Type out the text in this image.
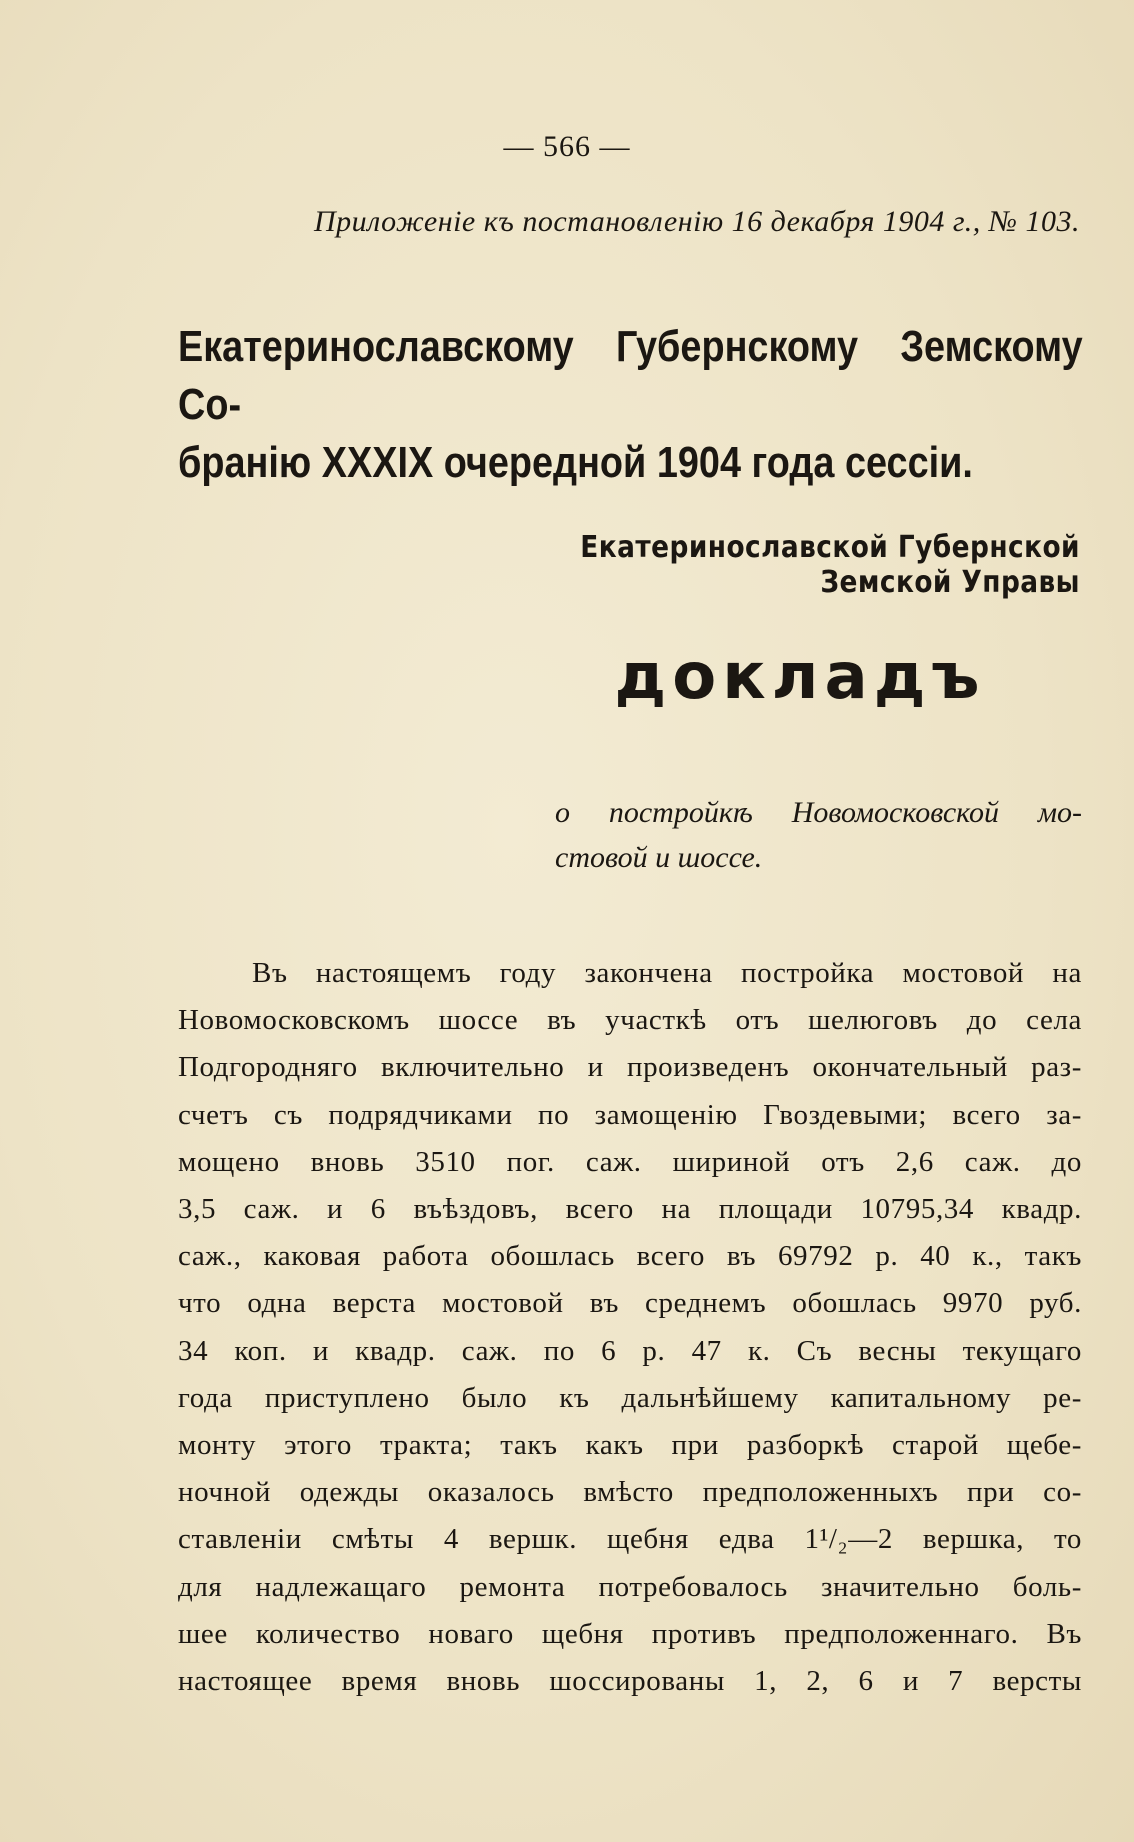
— 566 —
Приложеніе къ постановленію 16 декабря 1904 г., № 103.
Екатеринославскому Губернскому Земскому Со-
бранію XXXIX очередной 1904 года сессіи.
Екатеринославской Губернской Земской Управы
докладъ
о постройкѣ Новомосковской мо-
стовой и шоссе.
Въ настоящемъ году закончена постройка мостовой на
Новомосковскомъ шоссе въ участкѣ отъ шелюговъ до села
Подгородняго включительно и произведенъ окончательный раз-
счетъ съ подрядчиками по замощенію Гвоздевыми; всего за-
мощено вновь 3510 пог. саж. шириной отъ 2,6 саж. до
3,5 саж. и 6 въѣздовъ, всего на площади 10795,34 квадр.
саж., каковая работа обошлась всего въ 69792 р. 40 к., такъ
что одна верста мостовой въ среднемъ обошлась 9970 руб.
34 коп. и квадр. саж. по 6 р. 47 к. Съ весны текущаго
года приступлено было къ дальнѣйшему капитальному ре-
монту этого тракта; такъ какъ при разборкѣ старой щебе-
ночной одежды оказалось вмѣсто предположенныхъ при со-
ставленіи смѣты 4 вершк. щебня едва 1¹/₂—2 вершка, то
для надлежащаго ремонта потребовалось значительно боль-
шее количество новаго щебня противъ предположеннаго. Въ
настоящее время вновь шоссированы 1, 2, 6 и 7 версты
